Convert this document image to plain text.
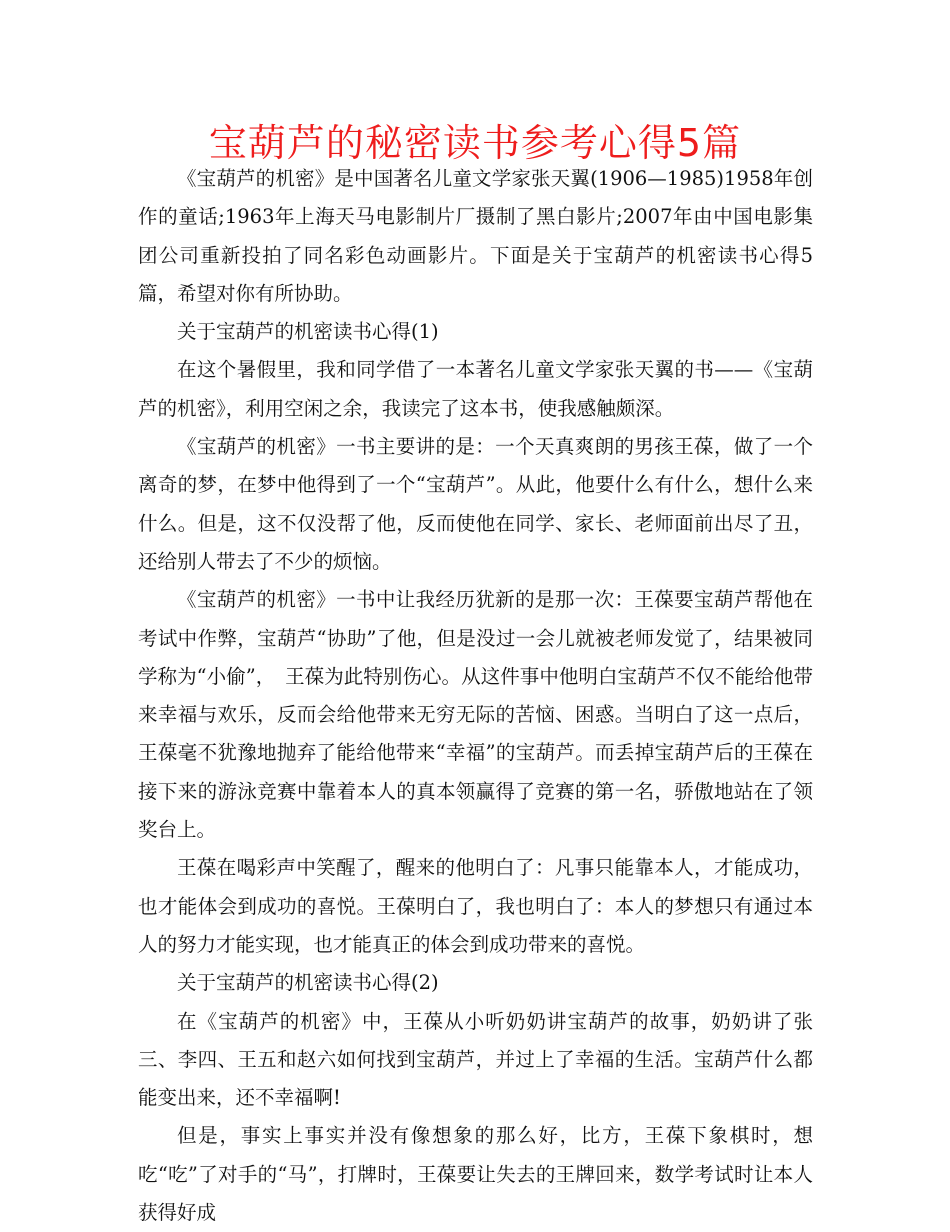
宝葫芦的秘密读书参考心得5篇

《宝葫芦的机密》是中国著名儿童文学家张天翼(1906—1985)1958年创作的童话;1963年上海天马电影制片厂摄制了黑白影片;2007年由中国电影集团公司重新投拍了同名彩色动画影片。下面是关于宝葫芦的机密读书心得5篇，希望对你有所协助。

关于宝葫芦的机密读书心得(1)

在这个暑假里，我和同学借了一本著名儿童文学家张天翼的书——《宝葫芦的机密》，利用空闲之余，我读完了这本书，使我感触颇深。

《宝葫芦的机密》一书主要讲的是：一个天真爽朗的男孩王葆，做了一个离奇的梦，在梦中他得到了一个“宝葫芦”。从此，他要什么有什么，想什么来什么。但是，这不仅没帮了他，反而使他在同学、家长、老师面前出尽了丑，还给别人带去了不少的烦恼。

《宝葫芦的机密》一书中让我经历犹新的是那一次：王葆要宝葫芦帮他在考试中作弊，宝葫芦“协助”了他，但是没过一会儿就被老师发觉了，结果被同学称为“小偷”，　王葆为此特别伤心。从这件事中他明白宝葫芦不仅不能给他带来幸福与欢乐，反而会给他带来无穷无际的苦恼、困惑。当明白了这一点后，王葆毫不犹豫地抛弃了能给他带来“幸福”的宝葫芦。而丢掉宝葫芦后的王葆在接下来的游泳竞赛中靠着本人的真本领赢得了竞赛的第一名，骄傲地站在了领奖台上。

王葆在喝彩声中笑醒了，醒来的他明白了：凡事只能靠本人，才能成功，也才能体会到成功的喜悦。王葆明白了，我也明白了：本人的梦想只有通过本人的努力才能实现，也才能真正的体会到成功带来的喜悦。

关于宝葫芦的机密读书心得(2)

在《宝葫芦的机密》中，王葆从小听奶奶讲宝葫芦的故事，奶奶讲了张三、李四、王五和赵六如何找到宝葫芦，并过上了幸福的生活。宝葫芦什么都能变出来，还不幸福啊!

但是，事实上事实并没有像想象的那么好，比方，王葆下象棋时，想吃“吃”了对手的“马”，打牌时，王葆要让失去的王牌回来，数学考试时让本人获得好成
